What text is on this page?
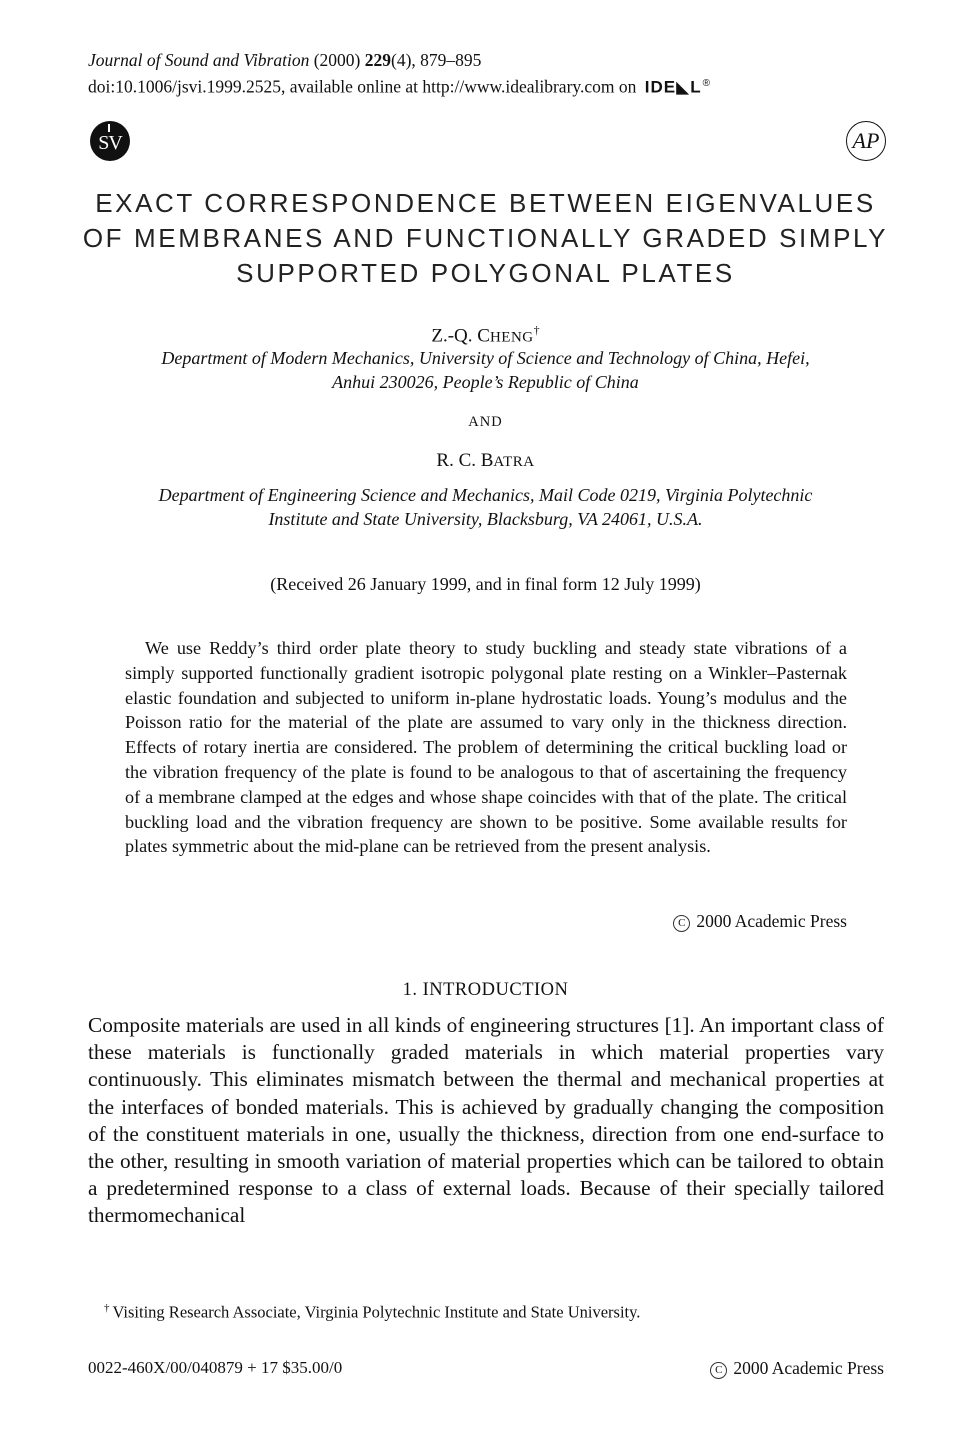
Journal of Sound and Vibration (2000) 229(4), 879–895
doi:10.1006/jsvi.1999.2525, available online at http://www.idealibrary.com on IDE◣L®
SV	AP
EXACT CORRESPONDENCE BETWEEN EIGENVALUES
OF MEMBRANES AND FUNCTIONALLY GRADED SIMPLY
SUPPORTED POLYGONAL PLATES
Z.-Q. CHENG†
Department of Modern Mechanics, University of Science and Technology of China, Hefei,
Anhui 230026, People’s Republic of China
AND
R. C. BATRA
Department of Engineering Science and Mechanics, Mail Code 0219, Virginia Polytechnic
Institute and State University, Blacksburg, VA 24061, U.S.A.
(Received 26 January 1999, and in final form 12 July 1999)
We use Reddy’s third order plate theory to study buckling and steady state vibrations of a simply supported functionally gradient isotropic polygonal plate resting on a Winkler–Pasternak elastic foundation and subjected to uniform in-plane hydrostatic loads. Young’s modulus and the Poisson ratio for the material of the plate are assumed to vary only in the thickness direction. Effects of rotary inertia are considered. The problem of determining the critical buckling load or the vibration frequency of the plate is found to be analogous to that of ascertaining the frequency of a membrane clamped at the edges and whose shape coincides with that of the plate. The critical buckling load and the vibration frequency are shown to be positive. Some available results for plates symmetric about the mid-plane can be retrieved from the present analysis.
C 2000 Academic Press
1. INTRODUCTION
Composite materials are used in all kinds of engineering structures [1]. An important class of these materials is functionally graded materials in which material properties vary continuously. This eliminates mismatch between the thermal and mechanical properties at the interfaces of bonded materials. This is achieved by gradually changing the composition of the constituent materials in one, usually the thickness, direction from one end-surface to the other, resulting in smooth variation of material properties which can be tailored to obtain a predetermined response to a class of external loads. Because of their specially tailored thermomechanical
† Visiting Research Associate, Virginia Polytechnic Institute and State University.
0022-460X/00/040879 + 17 $35.00/0	C 2000 Academic Press
